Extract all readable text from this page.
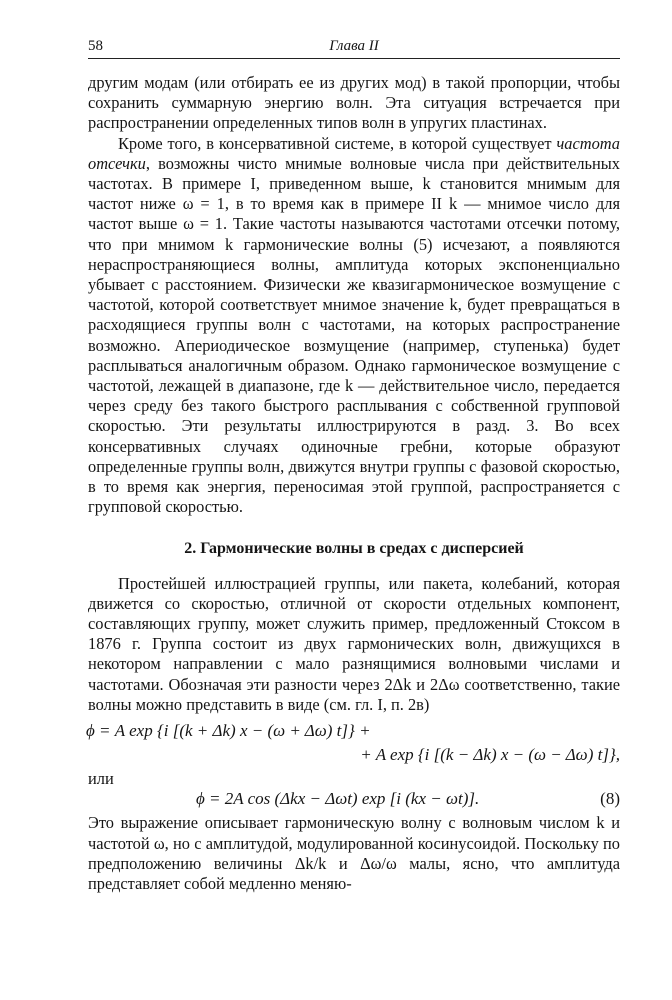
58	Глава II

другим модам (или отбирать ее из других мод) в такой пропорции, чтобы сохранить суммарную энергию волн. Эта ситуация встречается при распространении определенных типов волн в упругих пластинах.

Кроме того, в консервативной системе, в которой существует частота отсечки, возможны чисто мнимые волновые числа при действительных частотах. В примере I, приведенном выше, k становится мнимым для частот ниже ω = 1, в то время как в примере II k — мнимое число для частот выше ω = 1. Такие частоты называются частотами отсечки потому, что при мнимом k гармонические волны (5) исчезают, а появляются нераспространяющиеся волны, амплитуда которых экспоненциально убывает с расстоянием. Физически же квазигармоническое возмущение с частотой, которой соответствует мнимое значение k, будет превращаться в расходящиеся группы волн с частотами, на которых распространение возможно. Апериодическое возмущение (например, ступенька) будет расплываться аналогичным образом. Однако гармоническое возмущение с частотой, лежащей в диапазоне, где k — действительное число, передается через среду без такого быстрого расплывания с собственной групповой скоростью. Эти результаты иллюстрируются в разд. 3. Во всех консервативных случаях одиночные гребни, которые образуют определенные группы волн, движутся внутри группы с фазовой скоростью, в то время как энергия, переносимая этой группой, распространяется с групповой скоростью.

2. Гармонические волны в средах с дисперсией

Простейшей иллюстрацией группы, или пакета, колебаний, которая движется со скоростью, отличной от скорости отдельных компонент, составляющих группу, может служить пример, предложенный Стоксом в 1876 г. Группа состоит из двух гармонических волн, движущихся в некотором направлении с мало разнящимися волновыми числами и частотами. Обозначая эти разности через 2Δk и 2Δω соответственно, такие волны можно представить в виде (см. гл. I, п. 2в)

ϕ = A exp {i [(k + Δk) x − (ω + Δω) t]} +
+ A exp {i [(k − Δk) x − (ω − Δω) t]},

или

ϕ = 2A cos (Δkx − Δωt) exp [i (kx − ωt)].	(8)

Это выражение описывает гармоническую волну с волновым числом k и частотой ω, но с амплитудой, модулированной косинусоидой. Поскольку по предположению величины Δk/k и Δω/ω малы, ясно, что амплитуда представляет собой медленно меняю-
